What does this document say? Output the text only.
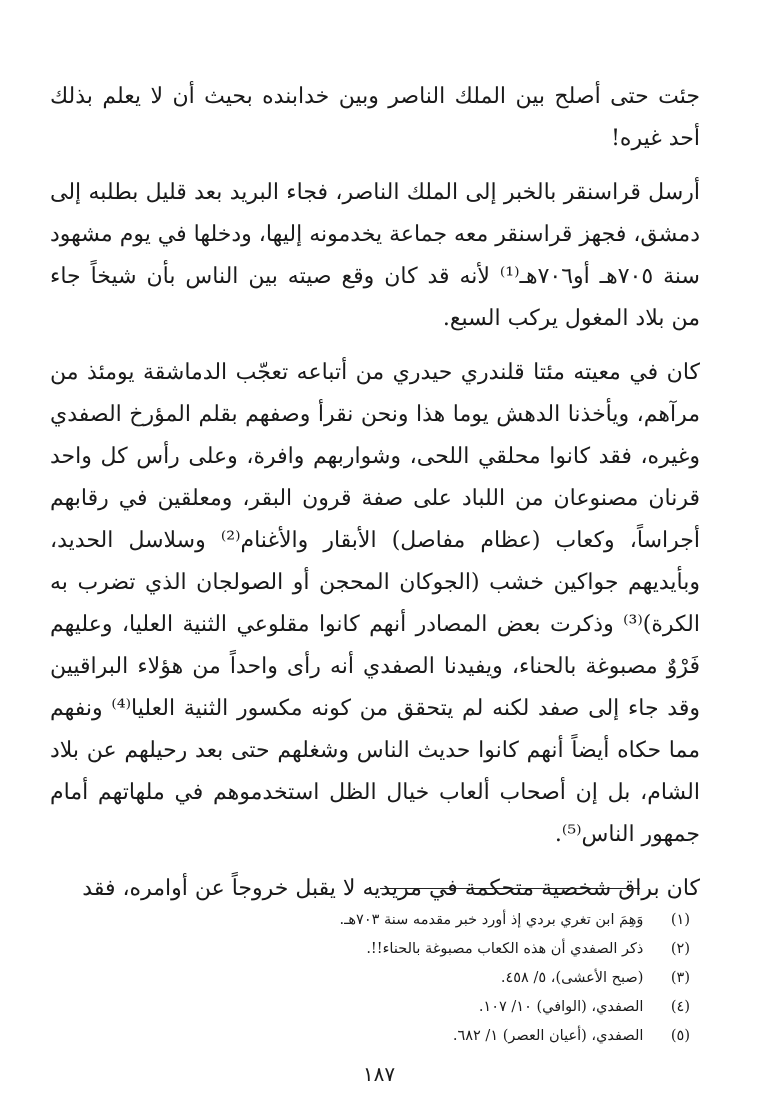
جئت حتى أصلح بين الملك الناصر وبين خدابنده بحيث أن لا يعلم بذلك أحد غيره!

أرسل قراسنقر بالخبر إلى الملك الناصر، فجاء البريد بعد قليل بطلبه إلى دمشق، فجهز قراسنقر معه جماعة يخدمونه إليها، ودخلها في يوم مشهود سنة ٧٠٥هـ أو٧٠٦هـ⁽¹⁾ لأنه قد كان وقع صيته بين الناس بأن شيخاً جاء من بلاد المغول يركب السبع.

كان في معيته مئتا قلندري حيدري من أتباعه تعجّب الدماشقة يومئذ من مرآهم، ويأخذنا الدهش يوما هذا ونحن نقرأ وصفهم بقلم المؤرخ الصفدي وغيره، فقد كانوا محلقي اللحى، وشواربهم وافرة، وعلى رأس كل واحد قرنان مصنوعان من اللباد على صفة قرون البقر، ومعلقين في رقابهم أجراساً، وكعاب (عظام مفاصل) الأبقار والأغنام⁽²⁾ وسلاسل الحديد، وبأيديهم جواكين خشب (الجوكان المحجن أو الصولجان الذي تضرب به الكرة)⁽³⁾ وذكرت بعض المصادر أنهم كانوا مقلوعي الثنية العليا، وعليهم فَرْوٌ مصبوغة بالحناء، ويفيدنا الصفدي أنه رأى واحداً من هؤلاء البراقيين وقد جاء إلى صفد لكنه لم يتحقق من كونه مكسور الثنية العليا⁽⁴⁾ ونفهم مما حكاه أيضاً أنهم كانوا حديث الناس وشغلهم حتى بعد رحيلهم عن بلاد الشام، بل إن أصحاب ألعاب خيال الظل استخدموهم في ملهاتهم أمام جمهور الناس⁽⁵⁾.

كان براق شخصية متحكمة في مريديه لا يقبل خروجاً عن أوامره، فقد

(١) وَهِمَ ابن تغري بردي إذ أورد خبر مقدمه سنة ٧٠٣هـ.
(٢) ذكر الصفدي أن هذه الكعاب مصبوغة بالحناء!!.
(٣) (صبح الأعشى)، ٥/ ٤٥٨.
(٤) الصفدي، (الوافي) ١٠/ ١٠٧.
(٥) الصفدي، (أعيان العصر) ١/ ٦٨٢.
١٨٧
